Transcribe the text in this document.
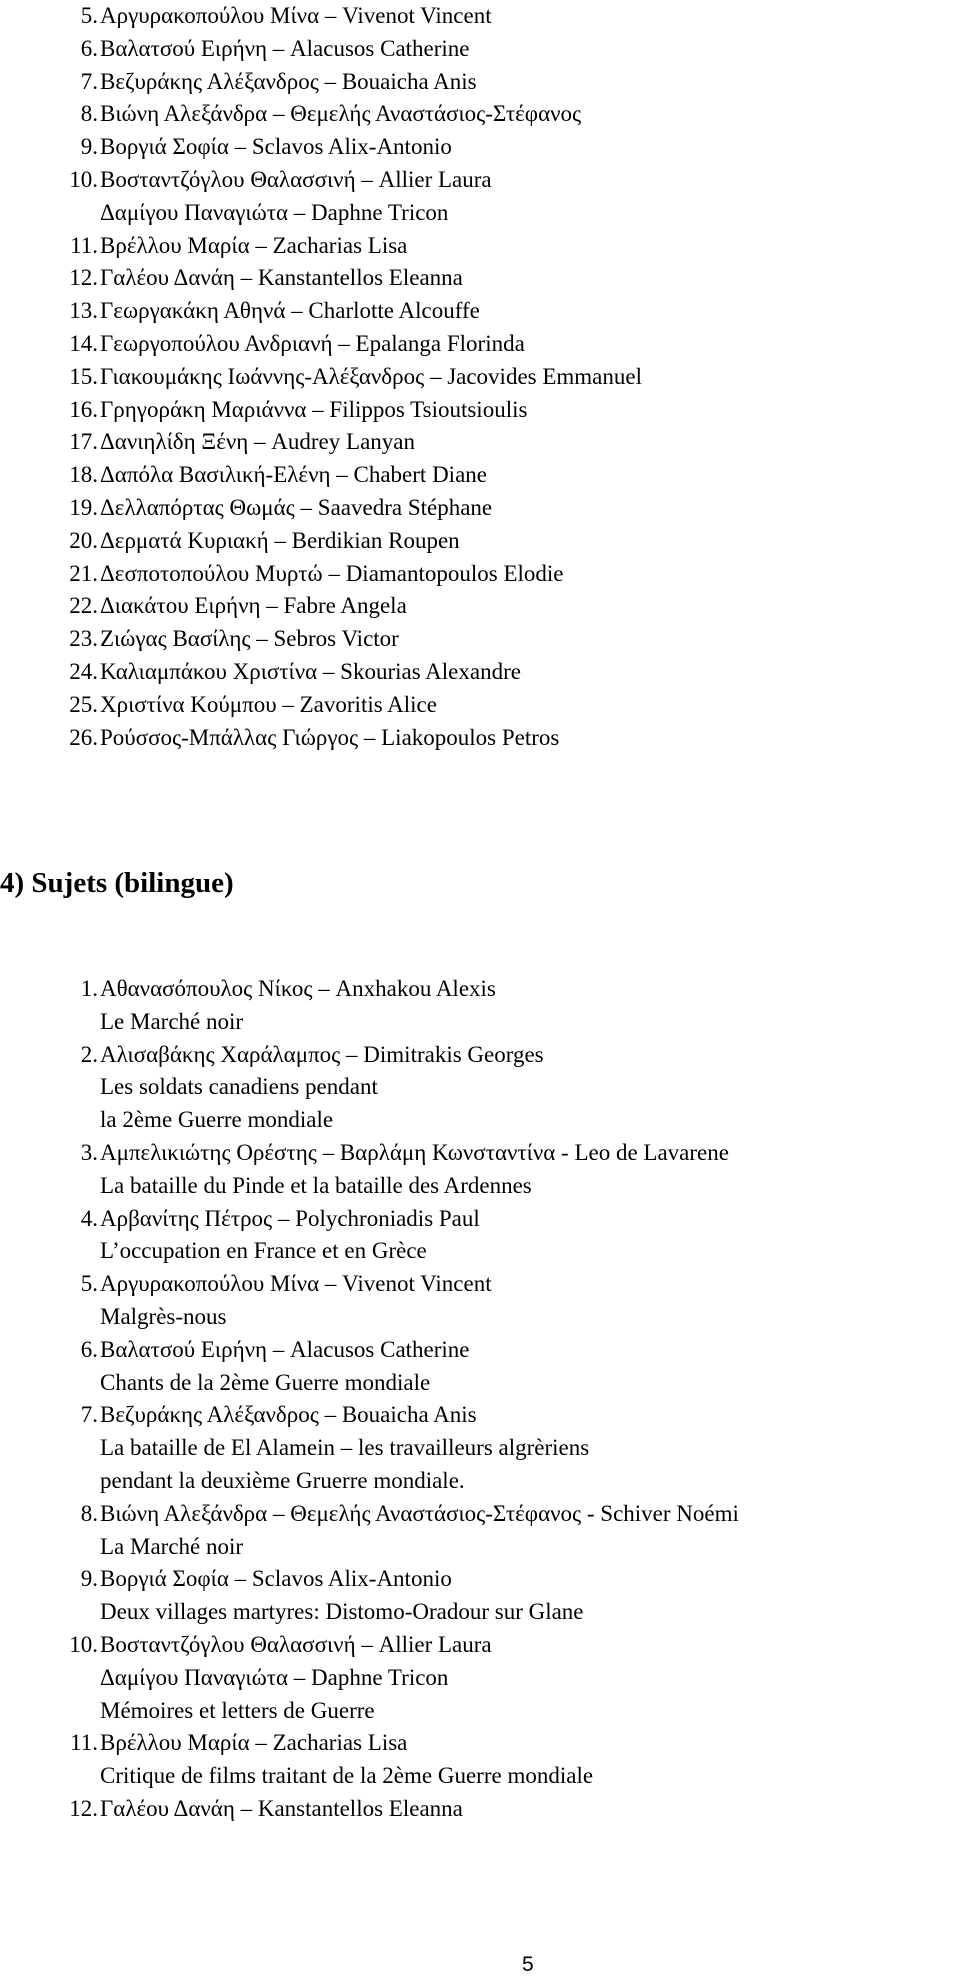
5. Αργυρακοπούλου Μίνα – Vivenot Vincent
6. Βαλατσού Ειρήνη – Alacusos Catherine
7. Βεζυράκης Αλέξανδρος – Bouaicha Anis
8. Βιώνη Αλεξάνδρα – Θεμελής Αναστάσιος-Στέφανος
9. Βοργιά Σοφία – Sclavos Alix-Antonio
10. Βοσταντζόγλου Θαλασσινή – Allier Laura
Δαμίγου Παναγιώτα – Daphne Tricon
11. Βρέλλου Μαρία – Zacharias Lisa
12. Γαλέου Δανάη – Kanstantellos Eleanna
13. Γεωργακάκη Αθηνά – Charlotte Alcouffe
14. Γεωργοπούλου Ανδριανή – Epalanga Florinda
15. Γιακουμάκης Ιωάννης-Αλέξανδρος – Jacovides Emmanuel
16. Γρηγοράκη Μαριάννα – Filippos Tsioutsioulis
17. Δανιηλίδη Ξένη – Audrey Lanyan
18. Δαπόλα Βασιλική-Ελένη – Chabert Diane
19. Δελλαπόρτας Θωμάς – Saavedra Stéphane
20. Δερματά Κυριακή – Berdikian Roupen
21. Δεσποτοπούλου Μυρτώ – Diamantopoulos Elodie
22. Διακάτου Ειρήνη – Fabre Angela
23. Ζιώγας Βασίλης – Sebros Victor
24. Καλιαμπάκου Χριστίνα – Skourias Alexandre
25. Χριστίνα Κούμπου – Zavoritis Alice
26. Ρούσσος-Μπάλλας Γιώργος – Liakopoulos Petros
4) Sujets (bilingue)
1. Αθανασόπουλος Νίκος – Anxhakou Alexis
Le Marché noir
2. Αλισαβάκης Χαράλαμπος – Dimitrakis Georges
Les soldats canadiens pendant
la 2ème Guerre mondiale
3. Αμπελικιώτης Ορέστης – Βαρλάμη Κωνσταντίνα - Leo de Lavarene
La bataille du Pinde et la bataille des Ardennes
4. Αρβανίτης Πέτρος – Polychroniadis Paul
L’occupation en France et en Grèce
5. Αργυρακοπούλου Μίνα – Vivenot Vincent
Malgrès-nous
6. Βαλατσού Ειρήνη – Alacusos Catherine
Chants de la 2ème Guerre mondiale
7. Βεζυράκης Αλέξανδρος – Bouaicha Anis
La bataille de El Alamein – les travailleurs algrèriens
pendant la deuxième Gruerre mondiale.
8. Βιώνη Αλεξάνδρα – Θεμελής Αναστάσιος-Στέφανος - Schiver Noémi
La Marché noir
9. Βοργιά Σοφία – Sclavos Alix-Antonio
Deux villages martyres: Distomo-Oradour sur Glane
10. Βοσταντζόγλου Θαλασσινή – Allier Laura
Δαμίγου Παναγιώτα – Daphne Tricon
Mémoires et letters de Guerre
11. Βρέλλου Μαρία – Zacharias Lisa
Critique de films traitant de la 2ème Guerre mondiale
12. Γαλέου Δανάη – Kanstantellos Eleanna
5
